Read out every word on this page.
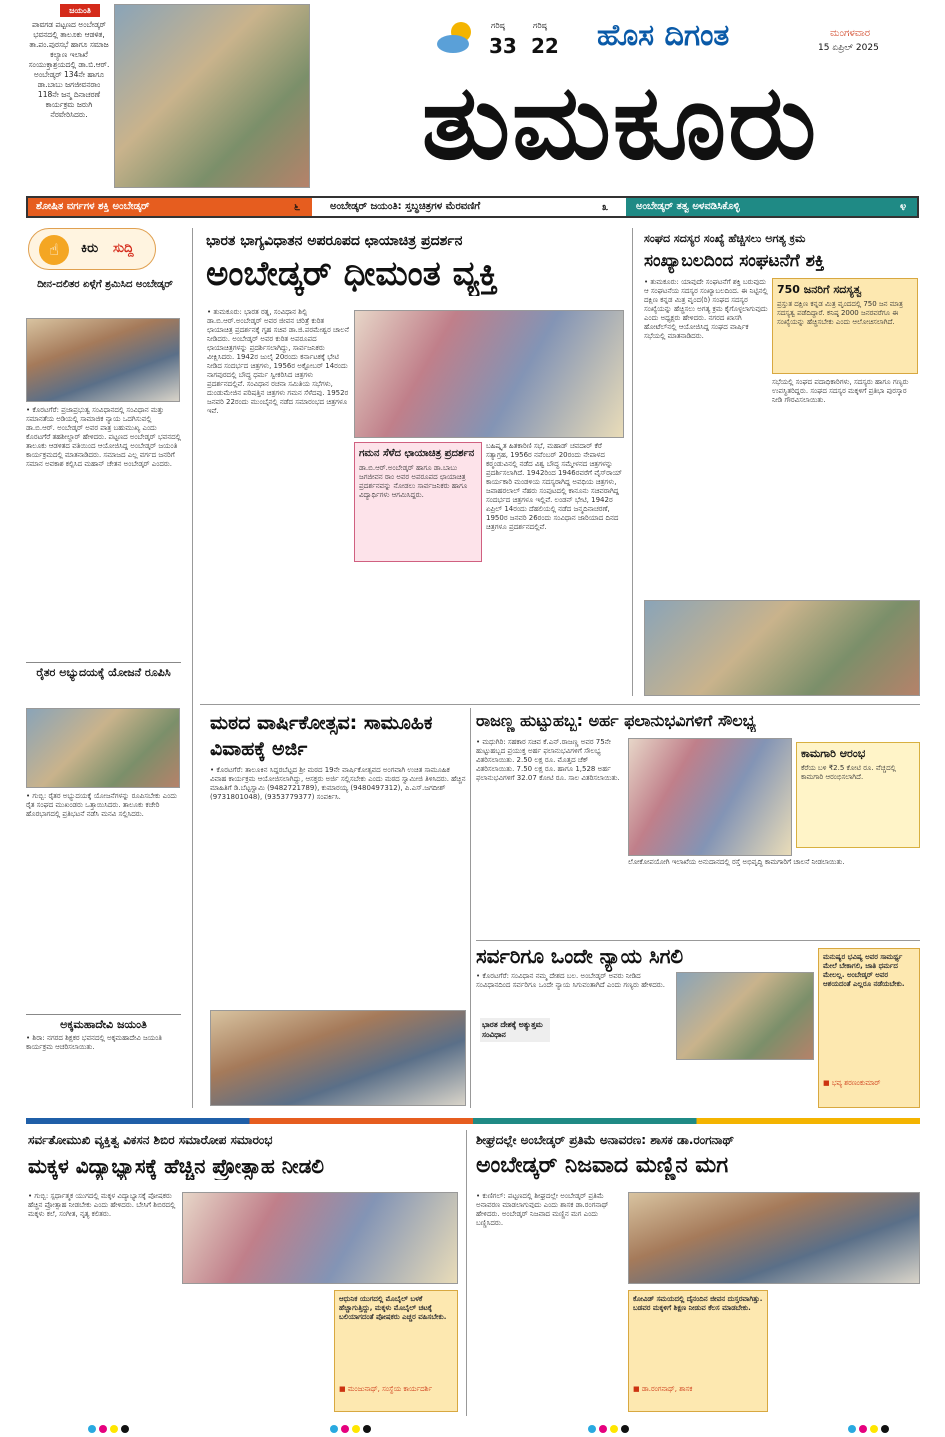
ಜಯಂತಿ
ಪಾವಗಡ ಪಟ್ಟಣದ ಅಂಬೇಡ್ಕರ್ ಭವನದಲ್ಲಿ ತಾಲೂಕು ಆಡಳಿತ, ತಾ.ಪಂ.ಪುರಸಭೆ ಹಾಗೂ ಸಮಾಜ ಕಲ್ಯಾಣ ಇಲಾಖೆ ಸಂಯುಕ್ತಾಶ್ರಯದಲ್ಲಿ ಡಾ.ಬಿ.ಆರ್. ಅಂಬೇಡ್ಕರ್ 134ನೇ ಹಾಗೂ ಡಾ.ಬಾಬು ಜಗಜೀವನರಾಂ 118ನೇ ಜನ್ಮ ದಿನಾಚರಣೆ ಕಾರ್ಯಕ್ರಮ ಜರುಗಿ ನೆರವೇರಿಸಿದರು.
ಗರಿಷ್ಠ
33
ಗರಿಷ್ಠ
22 ಹೊಸ ದಿಗಂತ	ಮಂಗಳವಾರ
15 ಏಪ್ರಿಲ್ 2025
ತುಮಕೂರು
ಶೋಷಿತ ವರ್ಗಗಳ ಶಕ್ತಿ ಅಂಬೇಡ್ಕರ್	೬	ಅಂಬೇಡ್ಕರ್ ಜಯಂತಿ: ಸ್ತಬ್ಧಚಿತ್ರಗಳ ಮೆರವಣಿಗೆ	೩	ಅಂಬೇಡ್ಕರ್ ತತ್ವ ಅಳವಡಿಸಿಕೊಳ್ಳಿ	೪
☝	ಕಿರು ಸುದ್ದಿ
ದೀನ-ದಲಿತರ ಏಳ್ಗೆಗೆ ಶ್ರಮಿಸಿದ ಅಂಬೇಡ್ಕರ್
• ಕೊರಟಗೆರೆ: ಪ್ರಜಾಪ್ರಭುತ್ವ ಸಂವಿಧಾನದಲ್ಲಿ ಸಂವಿಧಾನ ಮತ್ತು ಸಮಾನತೆಯ ಅಡಿಯಲ್ಲಿ ಸಾಮಾಜಿಕ ನ್ಯಾಯ ಒದಗಿಸುವಲ್ಲಿ ಡಾ.ಬಿ.ಆರ್. ಅಂಬೇಡ್ಕರ್ ಅವರ ಪಾತ್ರ ಬಹುಮುಖ್ಯ ಎಂದು ಕೊರಟಗೆರೆ ತಹಶೀಲ್ದಾರ್ ಹೇಳಿದರು. ಪಟ್ಟಣದ ಅಂಬೇಡ್ಕರ್ ಭವನದಲ್ಲಿ ತಾಲೂಕು ಆಡಳಿತದ ವತಿಯಿಂದ ಆಯೋಜಿಸಿದ್ದ ಅಂಬೇಡ್ಕರ್ ಜಯಂತಿ ಕಾರ್ಯಕ್ರಮದಲ್ಲಿ ಮಾತನಾಡಿದರು. ಸಮಾಜದ ಎಲ್ಲ ವರ್ಗದ ಜನರಿಗೆ ಸಮಾನ ಅವಕಾಶ ಕಲ್ಪಿಸಿದ ಮಹಾನ್ ಚೇತನ ಅಂಬೇಡ್ಕರ್ ಎಂದರು.
ರೈತರ ಅಭ್ಯುದಯಕ್ಕೆ ಯೋಜನೆ ರೂಪಿಸಿ
• ಗುಬ್ಬಿ: ರೈತರ ಅಭ್ಯುದಯಕ್ಕೆ ಯೋಜನೆಗಳನ್ನು ರೂಪಿಸಬೇಕು ಎಂದು ರೈತ ಸಂಘದ ಮುಖಂಡರು ಒತ್ತಾಯಿಸಿದರು. ತಾಲೂಕು ಕಚೇರಿ ಹೊರಭಾಗದಲ್ಲಿ ಪ್ರತಿಭಟನೆ ನಡೆಸಿ ಮನವಿ ಸಲ್ಲಿಸಿದರು.
ಅಕ್ಕಮಹಾದೇವಿ ಜಯಂತಿ
• ಶಿರಾ: ನಗರದ ಶಿಕ್ಷಕರ ಭವನದಲ್ಲಿ ಅಕ್ಕಮಹಾದೇವಿ ಜಯಂತಿ ಕಾರ್ಯಕ್ರಮ ಆಚರಿಸಲಾಯಿತು.
ಭಾರತ ಭಾಗ್ಯವಿಧಾತನ ಅಪರೂಪದ ಛಾಯಾಚಿತ್ರ ಪ್ರದರ್ಶನ
ಅಂಬೇಡ್ಕರ್ ಧೀಮಂತ ವ್ಯಕ್ತಿ
• ತುಮಕೂರು: ಭಾರತ ರತ್ನ, ಸಂವಿಧಾನ ಶಿಲ್ಪಿ ಡಾ.ಬಿ.ಆರ್.ಅಂಬೇಡ್ಕರ್ ಅವರ ಜೀವನ ಚರಿತ್ರೆ ಕುರಿತ ಛಾಯಾಚಿತ್ರ ಪ್ರದರ್ಶನಕ್ಕೆ ಗೃಹ ಸಚಿವ ಡಾ.ಜಿ.ಪರಮೇಶ್ವರ ಚಾಲನೆ ನೀಡಿದರು. ಅಂಬೇಡ್ಕರ್ ಅವರ ಕುರಿತ ಅಪರೂಪದ ಛಾಯಾಚಿತ್ರಗಳನ್ನು ಪ್ರದರ್ಶಿಸಲಾಗಿದ್ದು, ಸಾರ್ವಜನಿಕರು ವೀಕ್ಷಿಸಿದರು. 1942ರ ಜುಲೈ 20ರಂದು ಕರ್ನಾಟಕಕ್ಕೆ ಭೇಟಿ ನೀಡಿದ ಸಂದರ್ಭದ ಚಿತ್ರಗಳು, 1956ರ ಅಕ್ಟೋಬರ್ 14ರಂದು ನಾಗಪುರದಲ್ಲಿ ಬೌದ್ಧ ಧರ್ಮ ಸ್ವೀಕರಿಸಿದ ಚಿತ್ರಗಳು ಪ್ರದರ್ಶನದಲ್ಲಿವೆ. ಸಂವಿಧಾನ ರಚನಾ ಸಮಿತಿಯ ಸಭೆಗಳು, ದುಂಡುಮೇಜಿನ ಪರಿಷತ್ತಿನ ಚಿತ್ರಗಳು ಗಮನ ಸೆಳೆದವು. 1952ರ ಜನವರಿ 22ರಂದು ಮುಂಬೈನಲ್ಲಿ ನಡೆದ ಸಮಾರಂಭದ ಚಿತ್ರಗಳೂ ಇವೆ.
ಗಮನ ಸೆಳೆದ ಛಾಯಾಚಿತ್ರ ಪ್ರದರ್ಶನ
ಡಾ.ಬಿ.ಆರ್.ಅಂಬೇಡ್ಕರ್ ಹಾಗೂ ಡಾ.ಬಾಬು ಜಗಜೀವನ ರಾಂ ಅವರ ಅಪರೂಪದ ಛಾಯಾಚಿತ್ರ ಪ್ರದರ್ಶನವನ್ನು ನೋಡಲು ಸಾರ್ವಜನಿಕರು ಹಾಗೂ ವಿದ್ಯಾರ್ಥಿಗಳು ಆಗಮಿಸಿದ್ದರು.
ಬಹಿಷ್ಕೃತ ಹಿತಕಾರಿಣಿ ಸಭೆ, ಮಹಾಡ್ ಚವದಾರ್ ಕೆರೆ ಸತ್ಯಾಗ್ರಹ, 1956ರ ನವೆಂಬರ್ 20ರಂದು ನೇಪಾಳದ ಕಠ್ಮಂಡುವಿನಲ್ಲಿ ನಡೆದ ವಿಶ್ವ ಬೌದ್ಧ ಸಮ್ಮೇಳನದ ಚಿತ್ರಗಳನ್ನು ಪ್ರದರ್ಶಿಸಲಾಗಿದೆ. 1942ರಿಂದ 1946ರವರೆಗೆ ವೈಸ್‌ರಾಯ್ ಕಾರ್ಯಕಾರಿ ಮಂಡಳಿಯ ಸದಸ್ಯರಾಗಿದ್ದ ಅವಧಿಯ ಚಿತ್ರಗಳು, ಜವಾಹರಲಾಲ್ ನೆಹರು ಸಂಪುಟದಲ್ಲಿ ಕಾನೂನು ಸಚಿವರಾಗಿದ್ದ ಸಂದರ್ಭದ ಚಿತ್ರಗಳೂ ಇಲ್ಲಿವೆ. ಲಂಡನ್ ಭೇಟಿ, 1942ರ ಏಪ್ರಿಲ್ 14ರಂದು ದೆಹಲಿಯಲ್ಲಿ ನಡೆದ ಜನ್ಮದಿನಾಚರಣೆ, 1950ರ ಜನವರಿ 26ರಂದು ಸಂವಿಧಾನ ಜಾರಿಯಾದ ದಿನದ ಚಿತ್ರಗಳೂ ಪ್ರದರ್ಶನದಲ್ಲಿವೆ.
ಸಂಘದ ಸದಸ್ಯರ ಸಂಖ್ಯೆ ಹೆಚ್ಚಿಸಲು ಅಗತ್ಯ ಕ್ರಮ
ಸಂಖ್ಯಾಬಲದಿಂದ ಸಂಘಟನೆಗೆ ಶಕ್ತಿ
• ತುಮಕೂರು: ಯಾವುದೇ ಸಂಘಟನೆಗೆ ಶಕ್ತಿ ಬರುವುದು ಆ ಸಂಘಟನೆಯ ಸದಸ್ಯರ ಸಂಖ್ಯಾಬಲದಿಂದ. ಈ ನಿಟ್ಟಿನಲ್ಲಿ ದಕ್ಷಿಣ ಕನ್ನಡ ಮಿತ್ರ ವೃಂದ(ರಿ) ಸಂಘದ ಸದಸ್ಯರ ಸಂಖ್ಯೆಯನ್ನು ಹೆಚ್ಚಿಸಲು ಅಗತ್ಯ ಕ್ರಮ ಕೈಗೊಳ್ಳಲಾಗುವುದು ಎಂದು ಅಧ್ಯಕ್ಷರು ಹೇಳಿದರು. ನಗರದ ಖಾಸಗಿ ಹೋಟೆಲ್‌ನಲ್ಲಿ ಆಯೋಜಿಸಿದ್ದ ಸಂಘದ ವಾರ್ಷಿಕ ಸಭೆಯಲ್ಲಿ ಮಾತನಾಡಿದರು.
750 ಜನರಿಗೆ ಸದಸ್ಯತ್ವ
ಪ್ರಸ್ತುತ ದಕ್ಷಿಣ ಕನ್ನಡ ಮಿತ್ರ ವೃಂದದಲ್ಲಿ 750 ಜನ ಮಾತ್ರ ಸದಸ್ಯತ್ವ ಪಡೆದಿದ್ದಾರೆ. ಕನಿಷ್ಠ 2000 ಜನರವರೆಗೂ ಈ ಸಂಖ್ಯೆಯನ್ನು ಹೆಚ್ಚಿಸಬೇಕು ಎಂದು ಆಲೋಚಿಸಲಾಗಿದೆ.
ಸಭೆಯಲ್ಲಿ ಸಂಘದ ಪದಾಧಿಕಾರಿಗಳು, ಸದಸ್ಯರು ಹಾಗೂ ಗಣ್ಯರು ಉಪಸ್ಥಿತರಿದ್ದರು. ಸಂಘದ ಸದಸ್ಯರ ಮಕ್ಕಳಿಗೆ ಪ್ರತಿಭಾ ಪುರಸ್ಕಾರ ನೀಡಿ ಗೌರವಿಸಲಾಯಿತು.
ಮಠದ ವಾರ್ಷಿಕೋತ್ಸವ: ಸಾಮೂಹಿಕ ವಿವಾಹಕ್ಕೆ ಅರ್ಜಿ
• ಕೊರಟಗೆರೆ: ತಾಲೂಕಿನ ಸಿದ್ದರಬೆಟ್ಟದ ಶ್ರೀ ಮಠದ 19ನೇ ವಾರ್ಷಿಕೋತ್ಸವದ ಅಂಗವಾಗಿ ಉಚಿತ ಸಾಮೂಹಿಕ ವಿವಾಹ ಕಾರ್ಯಕ್ರಮ ಆಯೋಜಿಸಲಾಗಿದ್ದು, ಆಸಕ್ತರು ಅರ್ಜಿ ಸಲ್ಲಿಸಬೇಕು ಎಂದು ಮಠದ ಸ್ವಾಮೀಜಿ ತಿಳಿಸಿದರು. ಹೆಚ್ಚಿನ ಮಾಹಿತಿಗೆ ಡಿ.ಬೆಟ್ಟಸ್ವಾಮಿ (9482721789), ಕುಮಾರಯ್ಯ (9480497312), ಪಿ.ಎಸ್.ಜಗದೀಶ್ (9731801048), (9353779377) ಸಂಪರ್ಕಿಸಿ.
ರಾಜಣ್ಣ ಹುಟ್ಟುಹಬ್ಬ: ಅರ್ಹ ಫಲಾನುಭವಿಗಳಿಗೆ ಸೌಲಭ್ಯ
• ಮಧುಗಿರಿ: ಸಹಕಾರ ಸಚಿವ ಕೆ.ಎನ್.ರಾಜಣ್ಣ ಅವರ 75ನೇ ಹುಟ್ಟುಹಬ್ಬದ ಪ್ರಯುಕ್ತ ಅರ್ಹ ಫಲಾನುಭವಿಗಳಿಗೆ ಸೌಲಭ್ಯ ವಿತರಿಸಲಾಯಿತು. 2.50 ಲಕ್ಷ ರೂ. ಮೊತ್ತದ ಚೆಕ್ ವಿತರಿಸಲಾಯಿತು. 7.50 ಲಕ್ಷ ರೂ. ಹಾಗೂ 1,528 ಅರ್ಹ ಫಲಾನುಭವಿಗಳಿಗೆ 32.07 ಕೋಟಿ ರೂ. ಸಾಲ ವಿತರಿಸಲಾಯಿತು.
ಕಾಮಗಾರಿ ಆರಂಭ
ಕೆರೆಯ ಬಳಿ ₹2.5 ಕೋಟಿ ರೂ. ವೆಚ್ಚದಲ್ಲಿ ಕಾಮಗಾರಿ ಆರಂಭಿಸಲಾಗಿದೆ.
ಲೋಕೋಪಯೋಗಿ ಇಲಾಖೆಯ ಅನುದಾನದಲ್ಲಿ ರಸ್ತೆ ಅಭಿವೃದ್ಧಿ ಕಾಮಗಾರಿಗೆ ಚಾಲನೆ ನೀಡಲಾಯಿತು.
ಸರ್ವರಿಗೂ ಒಂದೇ ನ್ಯಾಯ ಸಿಗಲಿ
• ಕೊರಟಗೆರೆ: ಸಂವಿಧಾನ ನಮ್ಮ ದೇಶದ ಬಲ. ಅಂಬೇಡ್ಕರ್ ಅವರು ನೀಡಿದ ಸಂವಿಧಾನದಿಂದ ಸರ್ವರಿಗೂ ಒಂದೇ ನ್ಯಾಯ ಸಿಗುವಂತಾಗಿದೆ ಎಂದು ಗಣ್ಯರು ಹೇಳಿದರು.
ಭಾರತ ದೇಶಕ್ಕೆ ಅತ್ಯುತ್ತಮ ಸಂವಿಧಾನ
ಮನುಷ್ಯರ ಭವಿಷ್ಯ ಅವರ ಸಾಮರ್ಥ್ಯ ಮೇಲೆ ಬೇಕಾಗಲಿ, ಜಾತಿ ಧರ್ಮದ ಮೇಲಲ್ಲ. ಅಂಬೇಡ್ಕರ್ ಅವರ ಆಶಯದಂತೆ ಎಲ್ಲರೂ ನಡೆಯಬೇಕು.
■ ಭವ್ಯ ಶರಣಂಕುಮಾರ್
ಸರ್ವತೋಮುಖಿ ವ್ಯಕ್ತಿತ್ವ ವಿಕಸನ ಶಿಬಿರ ಸಮಾರೋಪ ಸಮಾರಂಭ
ಮಕ್ಕಳ ವಿದ್ಯಾಭ್ಯಾಸಕ್ಕೆ ಹೆಚ್ಚಿನ ಪ್ರೋತ್ಸಾಹ ನೀಡಲಿ
• ಗುಬ್ಬಿ: ಸ್ಪರ್ಧಾತ್ಮಕ ಯುಗದಲ್ಲಿ ಮಕ್ಕಳ ವಿದ್ಯಾಭ್ಯಾಸಕ್ಕೆ ಪೋಷಕರು ಹೆಚ್ಚಿನ ಪ್ರೋತ್ಸಾಹ ನೀಡಬೇಕು ಎಂದು ಹೇಳಿದರು. ಬೇಸಿಗೆ ಶಿಬಿರದಲ್ಲಿ ಮಕ್ಕಳು ಕಲೆ, ಸಂಗೀತ, ನೃತ್ಯ ಕಲಿತರು.
ಆಧುನಿಕ ಯುಗದಲ್ಲಿ ಮೊಬೈಲ್ ಬಳಕೆ ಹೆಚ್ಚಾಗುತ್ತಿದ್ದು, ಮಕ್ಕಳು ಮೊಬೈಲ್ ಚಟಕ್ಕೆ ಬಲಿಯಾಗದಂತೆ ಪೋಷಕರು ಎಚ್ಚರ ವಹಿಸಬೇಕು.
■ ಮಂಜುನಾಥ್, ಸಂಸ್ಥೆಯ ಕಾರ್ಯದರ್ಶಿ
ಶೀಘ್ರದಲ್ಲೇ ಅಂಬೇಡ್ಕರ್ ಪ್ರತಿಮೆ ಅನಾವರಣ: ಶಾಸಕ ಡಾ.ರಂಗನಾಥ್
ಅಂಬೇಡ್ಕರ್ ನಿಜವಾದ ಮಣ್ಣಿನ ಮಗ
• ಕುಣಿಗಲ್: ಪಟ್ಟಣದಲ್ಲಿ ಶೀಘ್ರದಲ್ಲೇ ಅಂಬೇಡ್ಕರ್ ಪ್ರತಿಮೆ ಅನಾವರಣ ಮಾಡಲಾಗುವುದು ಎಂದು ಶಾಸಕ ಡಾ.ರಂಗನಾಥ್ ಹೇಳಿದರು. ಅಂಬೇಡ್ಕರ್ ನಿಜವಾದ ಮಣ್ಣಿನ ಮಗ ಎಂದು ಬಣ್ಣಿಸಿದರು.
ಕೋವಿಡ್ ಸಮಯದಲ್ಲಿ ದೈನಂದಿನ ಜೀವನ ದುಸ್ತರವಾಗಿತ್ತು. ಬಡವರ ಮಕ್ಕಳಿಗೆ ಶಿಕ್ಷಣ ನೀಡುವ ಕೆಲಸ ಮಾಡಬೇಕು.
■ ಡಾ.ರಂಗನಾಥ್, ಶಾಸಕ
